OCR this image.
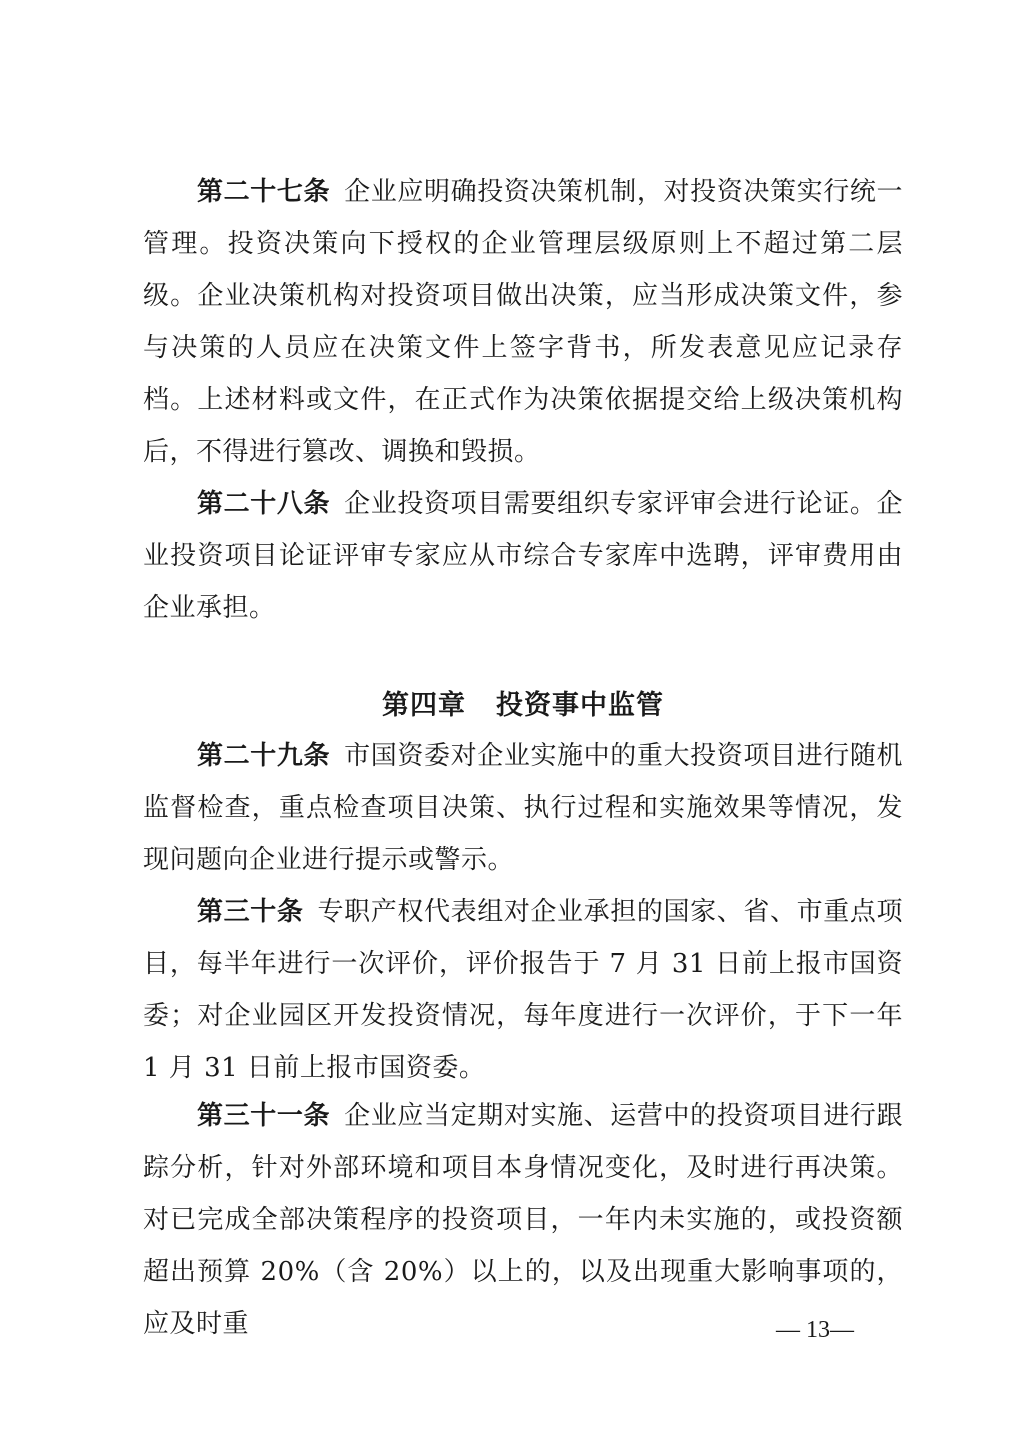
第二十七条 企业应明确投资决策机制，对投资决策实行统一管理。投资决策向下授权的企业管理层级原则上不超过第二层级。企业决策机构对投资项目做出决策，应当形成决策文件，参与决策的人员应在决策文件上签字背书，所发表意见应记录存档。上述材料或文件，在正式作为决策依据提交给上级决策机构后，不得进行篡改、调换和毁损。

第二十八条 企业投资项目需要组织专家评审会进行论证。企业投资项目论证评审专家应从市综合专家库中选聘，评审费用由企业承担。

第四章 投资事中监管

第二十九条 市国资委对企业实施中的重大投资项目进行随机监督检查，重点检查项目决策、执行过程和实施效果等情况，发现问题向企业进行提示或警示。

第三十条 专职产权代表组对企业承担的国家、省、市重点项目，每半年进行一次评价，评价报告于 7 月 31 日前上报市国资委；对企业园区开发投资情况，每年度进行一次评价，于下一年 1 月 31 日前上报市国资委。

第三十一条 企业应当定期对实施、运营中的投资项目进行跟踪分析，针对外部环境和项目本身情况变化，及时进行再决策。对已完成全部决策程序的投资项目，一年内未实施的，或投资额超出预算 20%（含 20%）以上的，以及出现重大影响事项的，应及时重	— 13—
